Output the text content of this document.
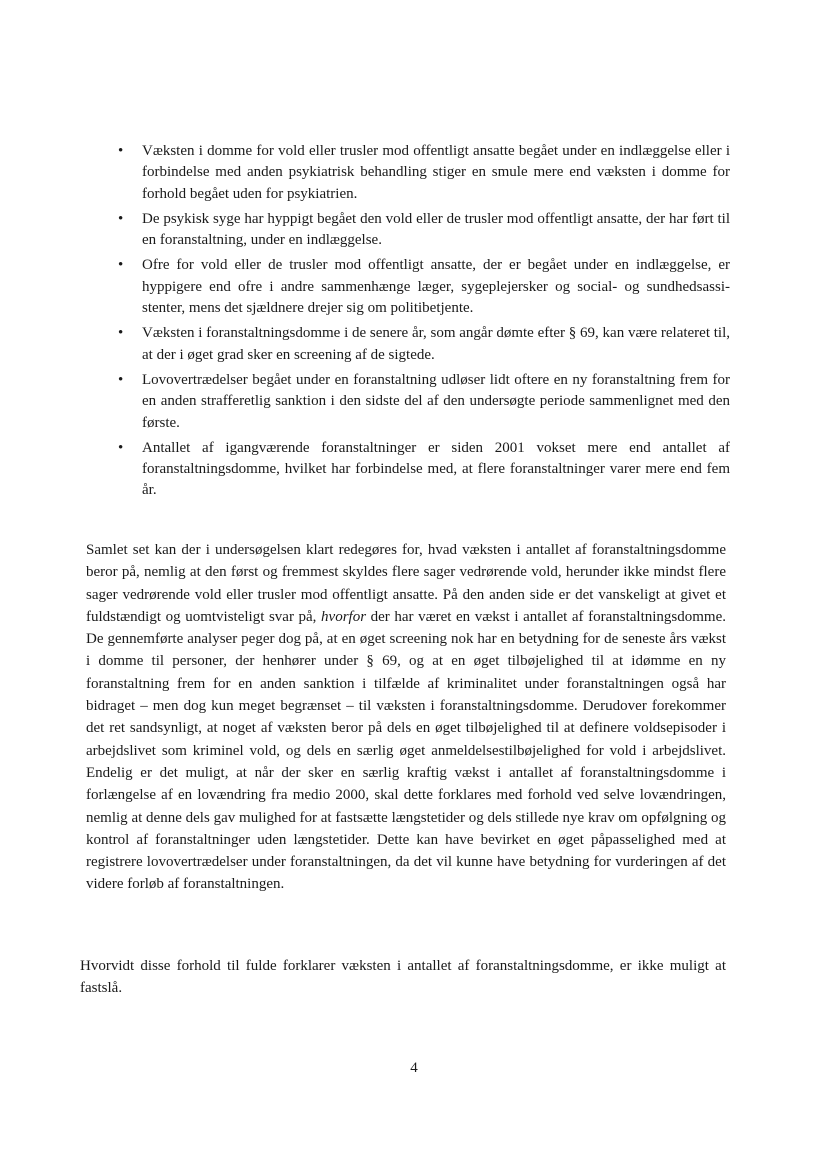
• Væksten i domme for vold eller trusler mod offentligt ansatte begået under en indlæggelse eller i forbindelse med anden psykiatrisk behandling stiger en smule mere end væksten i domme for forhold begået uden for psykiatrien.
• De psykisk syge har hyppigt begået den vold eller de trusler mod offentligt ansatte, der har ført til en foranstaltning, under en indlæggelse.
• Ofre for vold eller de trusler mod offentligt ansatte, der er begået under en indlæggelse, er hyppigere end ofre i andre sammenhænge læger, sygeplejersker og social- og sundhedsassistenter, mens det sjældnere drejer sig om politibetjente.
• Væksten i foranstaltningsdomme i de senere år, som angår dømte efter § 69, kan være relateret til, at der i øget grad sker en screening af de sigtede.
• Lovovertrædelser begået under en foranstaltning udløser lidt oftere en ny foranstaltning frem for en anden strafferetlig sanktion i den sidste del af den undersøgte periode sammenlignet med den første.
• Antallet af igangværende foranstaltninger er siden 2001 vokset mere end antallet af foranstaltningsdomme, hvilket har forbindelse med, at flere foranstaltninger varer mere end fem år.

Samlet set kan der i undersøgelsen klart redegøres for, hvad væksten i antallet af foranstaltningsdomme beror på, nemlig at den først og fremmest skyldes flere sager vedrørende vold, herunder ikke mindst flere sager vedrørende vold eller trusler mod offentligt ansatte. På den anden side er det vanskeligt at givet et fuldstændigt og uomtvisteligt svar på, hvorfor der har været en vækst i antallet af foranstaltningsdomme. De gennemførte analyser peger dog på, at en øget screening nok har en betydning for de seneste års vækst i domme til personer, der henhører under § 69, og at en øget tilbøjelighed til at idømme en ny foranstaltning frem for en anden sanktion i tilfælde af kriminalitet under foranstaltningen også har bidraget – men dog kun meget begrænset – til væksten i foranstaltningsdomme. Derudover forekommer det ret sandsynligt, at noget af væksten beror på dels en øget tilbøjelighed til at definere voldsepisoder i arbejdslivet som kriminel vold, og dels en særlig øget anmeldelsestilbøjelighed for vold i arbejdslivet. Endelig er det muligt, at når der sker en særlig kraftig vækst i antallet af foranstaltningsdomme i forlængelse af en lovændring fra medio 2000, skal dette forklares med forhold ved selve lovændringen, nemlig at denne dels gav mulighed for at fastsætte længstetider og dels stillede nye krav om opfølgning og kontrol af foranstaltninger uden længstetider. Dette kan have bevirket en øget påpasselighed med at registrere lovovertrædelser under foranstaltningen, da det vil kunne have betydning for vurderingen af det videre forløb af foranstaltningen.

Hvorvidt disse forhold til fulde forklarer væksten i antallet af foranstaltningsdomme, er ikke muligt at fastslå.

4
